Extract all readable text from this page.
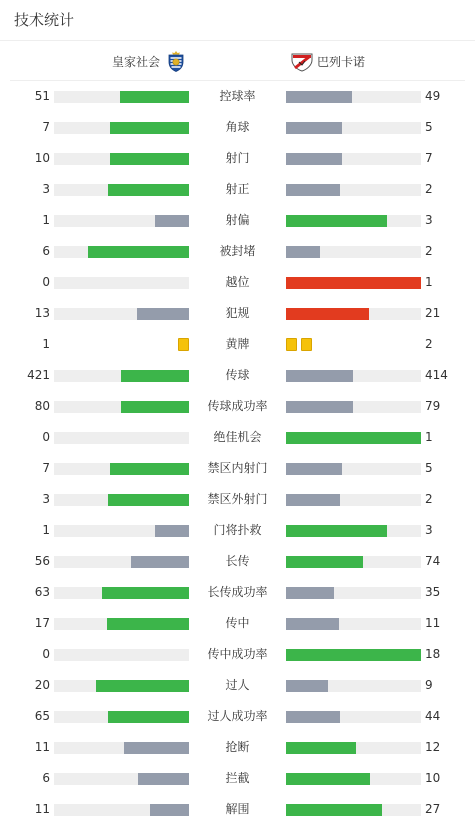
技术统计
皇家社会	巴列卡诺
51	控球率	49
7	角球	5
10	射门	7
3	射正	2
1	射偏	3
6	被封堵	2
0	越位	1
13	犯规	21
1	黄牌	2
421	传球	414
80	传球成功率	79
0	绝佳机会	1
7	禁区内射门	5
3	禁区外射门	2
1	门将扑救	3
56	长传	74
63	长传成功率	35
17	传中	11
0	传中成功率	18
20	过人	9
65	过人成功率	44
11	抢断	12
6	拦截	10
11	解围	27
